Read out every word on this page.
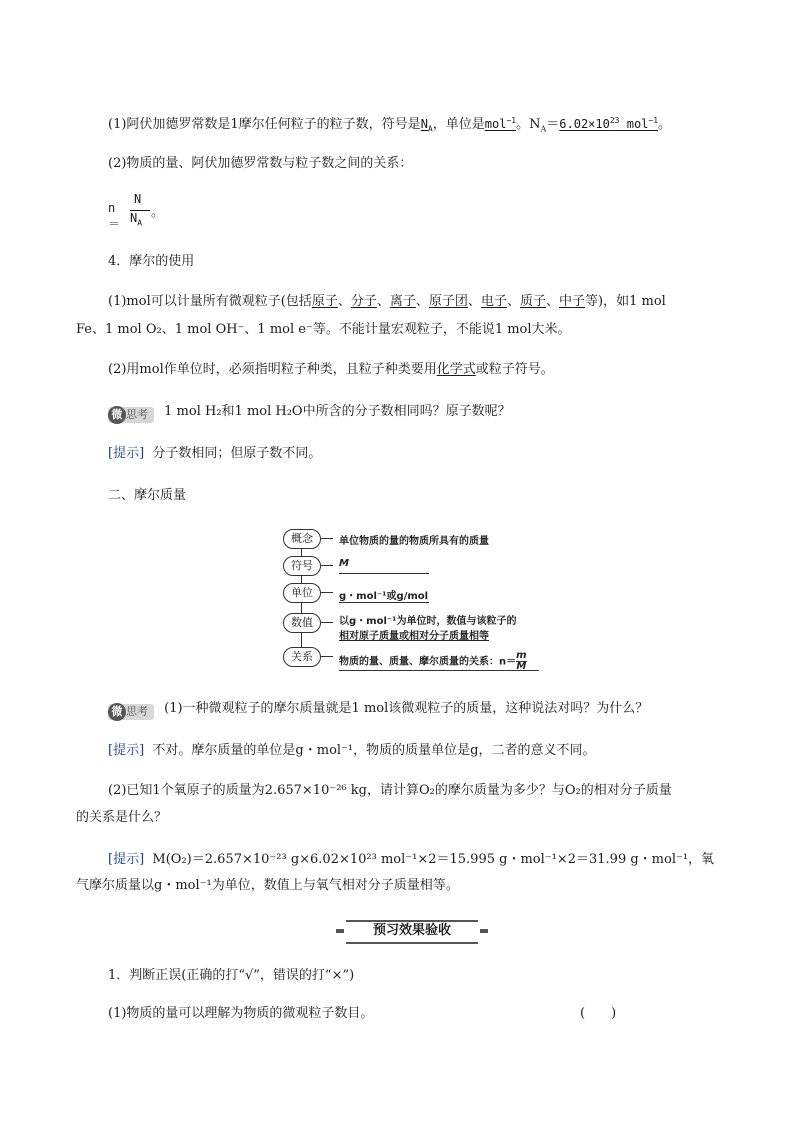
(1)阿伏加德罗常数是1摩尔任何粒子的粒子数，符号是$N_A$，单位是mol$^{-1}$。$N_A=6.02\times 10^{23}$ mol$^{-1}$。
(2)物质的量、阿伏加德罗常数与粒子数之间的关系：
n＝
N
$N_A$
。
4．摩尔的使用
(1)mol可以计量所有微观粒子(包括原子、分子、离子、原子团、电子、质子、中子等)，如1 mol
Fe、1 mol O₂、1 mol OH⁻、1 mol e⁻等。不能计量宏观粒子，不能说1 mol大米。
(2)用mol作单位时，必须指明粒子种类，且粒子种类要用化学式或粒子符号。
微 思考 1 mol H₂和1 mol H₂O中所含的分子数相同吗？原子数呢？
[提示] 分子数相同；但原子数不同。
二、摩尔质量
概念	单位物质的量的物质所具有的质量
符号	M
单位	g・mol⁻¹或g/mol
数值	以g・mol⁻¹为单位时，数值与该粒子的
相对原子质量或相对分子质量相等
关系	物质的量、质量、摩尔质量的关系：$n= \frac{m}{M}$
微 思考 (1)一种微观粒子的摩尔质量就是1 mol该微观粒子的质量，这种说法对吗？为什么？
[提示] 不对。摩尔质量的单位是g・mol⁻¹，物质的质量单位是g，二者的意义不同。
(2)已知1个氧原子的质量为2.657×10⁻²⁶ kg，请计算O₂的摩尔质量为多少？与O₂的相对分子质量
的关系是什么？
[提示] M(O₂)＝2.657×10⁻²³ g×6.02×10²³ mol⁻¹×2＝15.995 g・mol⁻¹×2＝31.99 g・mol⁻¹，氧
气摩尔质量以g・mol⁻¹为单位，数值上与氧气相对分子质量相等。
预习效果验收
1．判断正误(正确的打“√”，错误的打“×”)
(1)物质的量可以理解为物质的微观粒子数目。	(　　)
